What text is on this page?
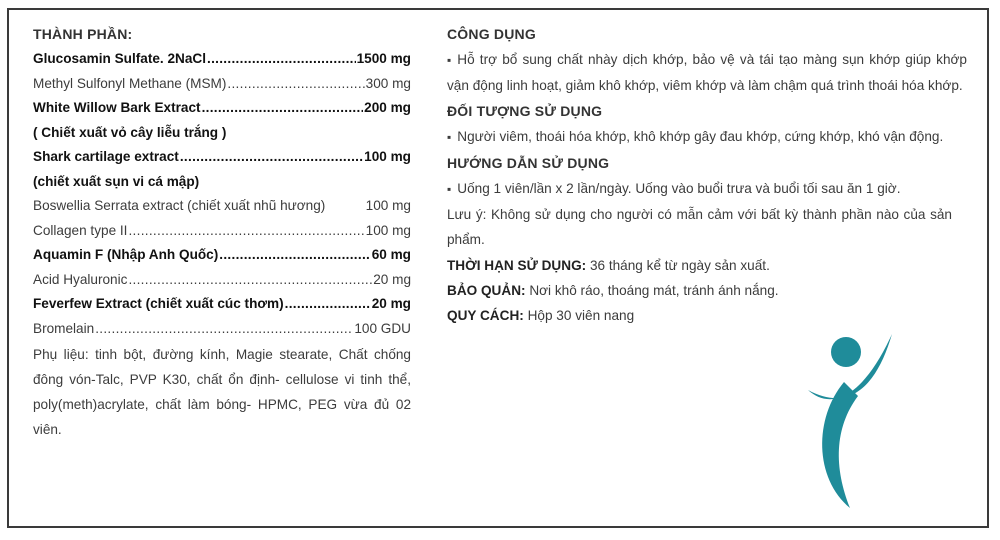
THÀNH PHẦN:
Glucosamin Sulfate. 2NaCl .....	1500 mg
Methyl Sulfonyl Methane (MSM) .....	300 mg
White Willow Bark Extract .....	200 mg
( Chiết xuất vỏ cây liễu trắng )
Shark cartilage extract .....	100 mg
(chiết xuất sụn vi cá mập)
Boswellia Serrata extract (chiết xuất nhũ hương)	100 mg
Collagen type II .....	100 mg
Aquamin F (Nhập Anh Quốc) .....	60 mg
Acid Hyaluronic .....	20 mg
Feverfew Extract (chiết xuất cúc thơm) .....	20 mg
Bromelain .....	100 GDU
Phụ liệu: tinh bột, đường kính, Magie stearate, Chất chống đông vón-Talc, PVP K30, chất ổn định- cellulose vi tinh thể, poly(meth)acrylate, chất làm bóng- HPMC, PEG vừa đủ 02 viên.
CÔNG DỤNG
▪ Hỗ trợ bổ sung chất nhày dịch khớp, bảo vệ và tái tạo màng sụn khớp giúp khớp vận động linh hoạt, giảm khô khớp, viêm khớp và làm chậm quá trình thoái hóa khớp.
ĐỐI TƯỢNG SỬ DỤNG
▪ Người viêm, thoái hóa khớp, khô khớp gây đau khớp, cứng khớp, khó vận động.
HƯỚNG DẪN SỬ DỤNG
▪ Uống 1 viên/lần x 2 lần/ngày. Uống vào buổi trưa và buổi tối sau ăn 1 giờ.
Lưu ý: Không sử dụng cho người có mẫn cảm với bất kỳ thành phần nào của sản phẩm.
THỜI HẠN SỬ DỤNG: 36 tháng kể từ ngày sản xuất.
BẢO QUẢN: Nơi khô ráo, thoáng mát, tránh ánh nắng.
QUY CÁCH: Hộp 30 viên nang
